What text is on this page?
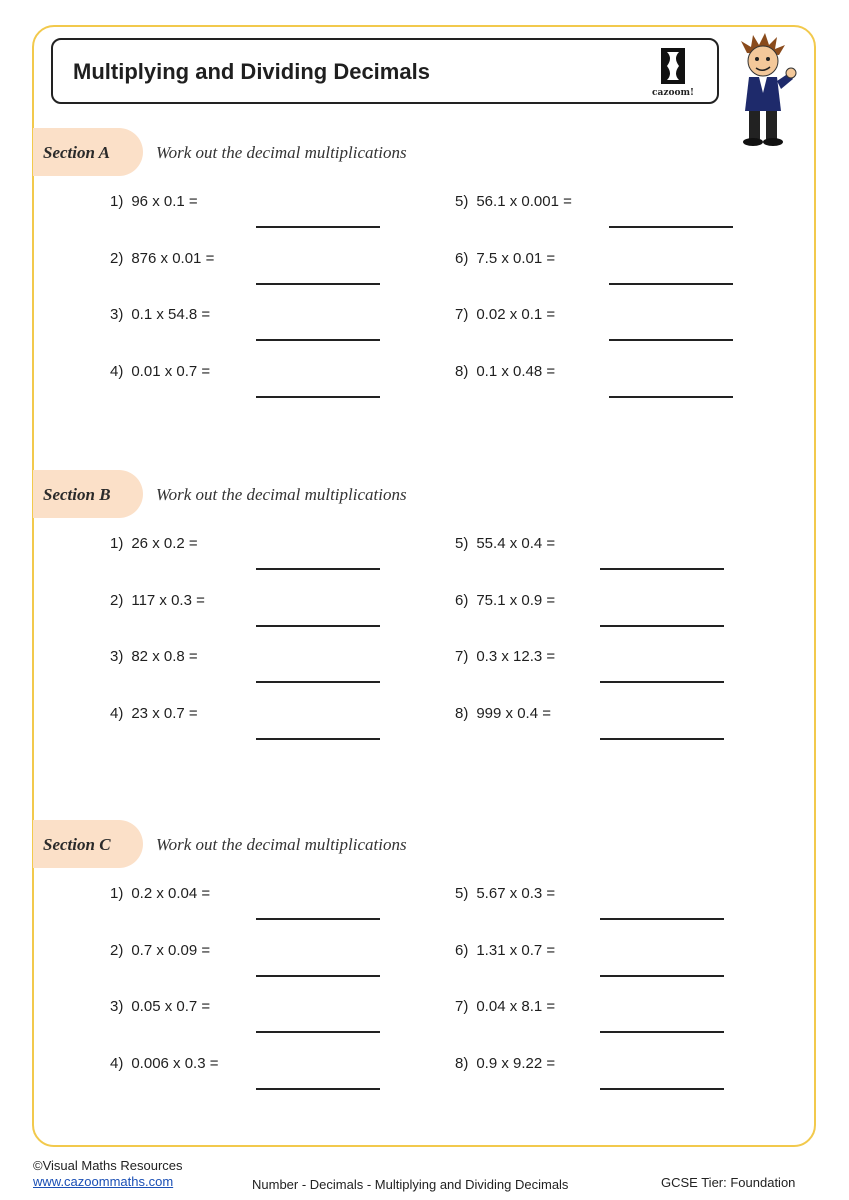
Multiplying and Dividing Decimals
cazoom!
Section A	Work out the decimal multiplications
1) 96 x 0.1 =
2) 876 x 0.01 =
3) 0.1 x 54.8 =
4) 0.01 x 0.7 =
5) 56.1 x 0.001 =
6) 7.5 x 0.01 =
7) 0.02 x 0.1 =
8) 0.1 x 0.48 =
Section B	Work out the decimal multiplications
1) 26 x 0.2 =
2) 117 x 0.3 =
3) 82 x 0.8 =
4) 23 x 0.7 =
5) 55.4 x 0.4 =
6) 75.1 x 0.9 =
7) 0.3 x 12.3 =
8) 999 x 0.4 =
Section C	Work out the decimal multiplications
1) 0.2 x 0.04 =
2) 0.7 x 0.09 =
3) 0.05 x 0.7 =
4) 0.006 x 0.3 =
5) 5.67 x 0.3 =
6) 1.31 x 0.7 =
7) 0.04 x 8.1 =
8) 0.9 x 9.22 =
©Visual Maths Resources
www.cazoommaths.com	Number - Decimals - Multiplying and Dividing Decimals	GCSE Tier: Foundation
